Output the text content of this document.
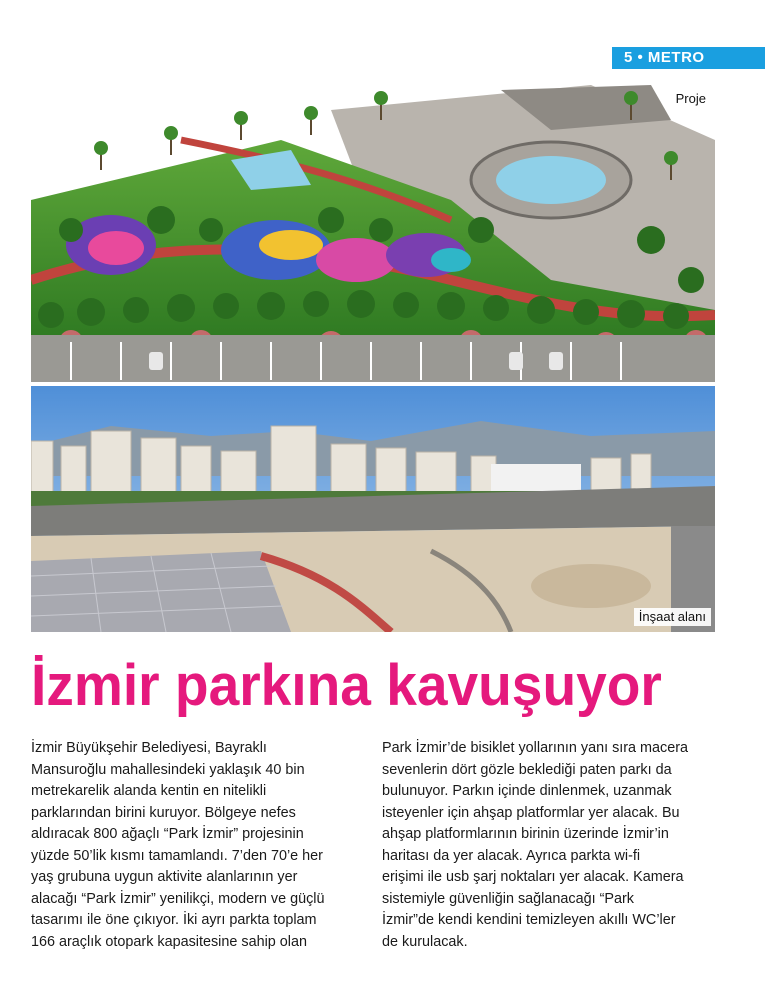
5 • METRO
Proje
İnşaat alanı
İzmir parkına kavuşuyor

İzmir Büyükşehir Belediyesi, Bayraklı
Mansuroğlu mahallesindeki yaklaşık 40 bin
metrekarelik alanda kentin en nitelikli
parklarından birini kuruyor. Bölgeye nefes
aldıracak 800 ağaçlı “Park İzmir” projesinin
yüzde 50’lik kısmı tamamlandı. 7’den 70’e her
yaş grubuna uygun aktivite alanlarının yer
alacağı “Park İzmir” yenilikçi, modern ve güçlü
tasarımı ile öne çıkıyor. İki ayrı parkta toplam
166 araçlık otopark kapasitesine sahip olan

Park İzmir’de bisiklet yollarının yanı sıra macera
sevenlerin dört gözle beklediği paten parkı da
bulunuyor. Parkın içinde dinlenmek, uzanmak
isteyenler için ahşap platformlar yer alacak. Bu
ahşap platformlarının birinin üzerinde İzmir’in
haritası da yer alacak. Ayrıca parkta wi-fi
erişimi ile usb şarj noktaları yer alacak. Kamera
sistemiyle güvenliğin sağlanacağı “Park
İzmir”de kendi kendini temizleyen akıllı WC’ler
de kurulacak.
